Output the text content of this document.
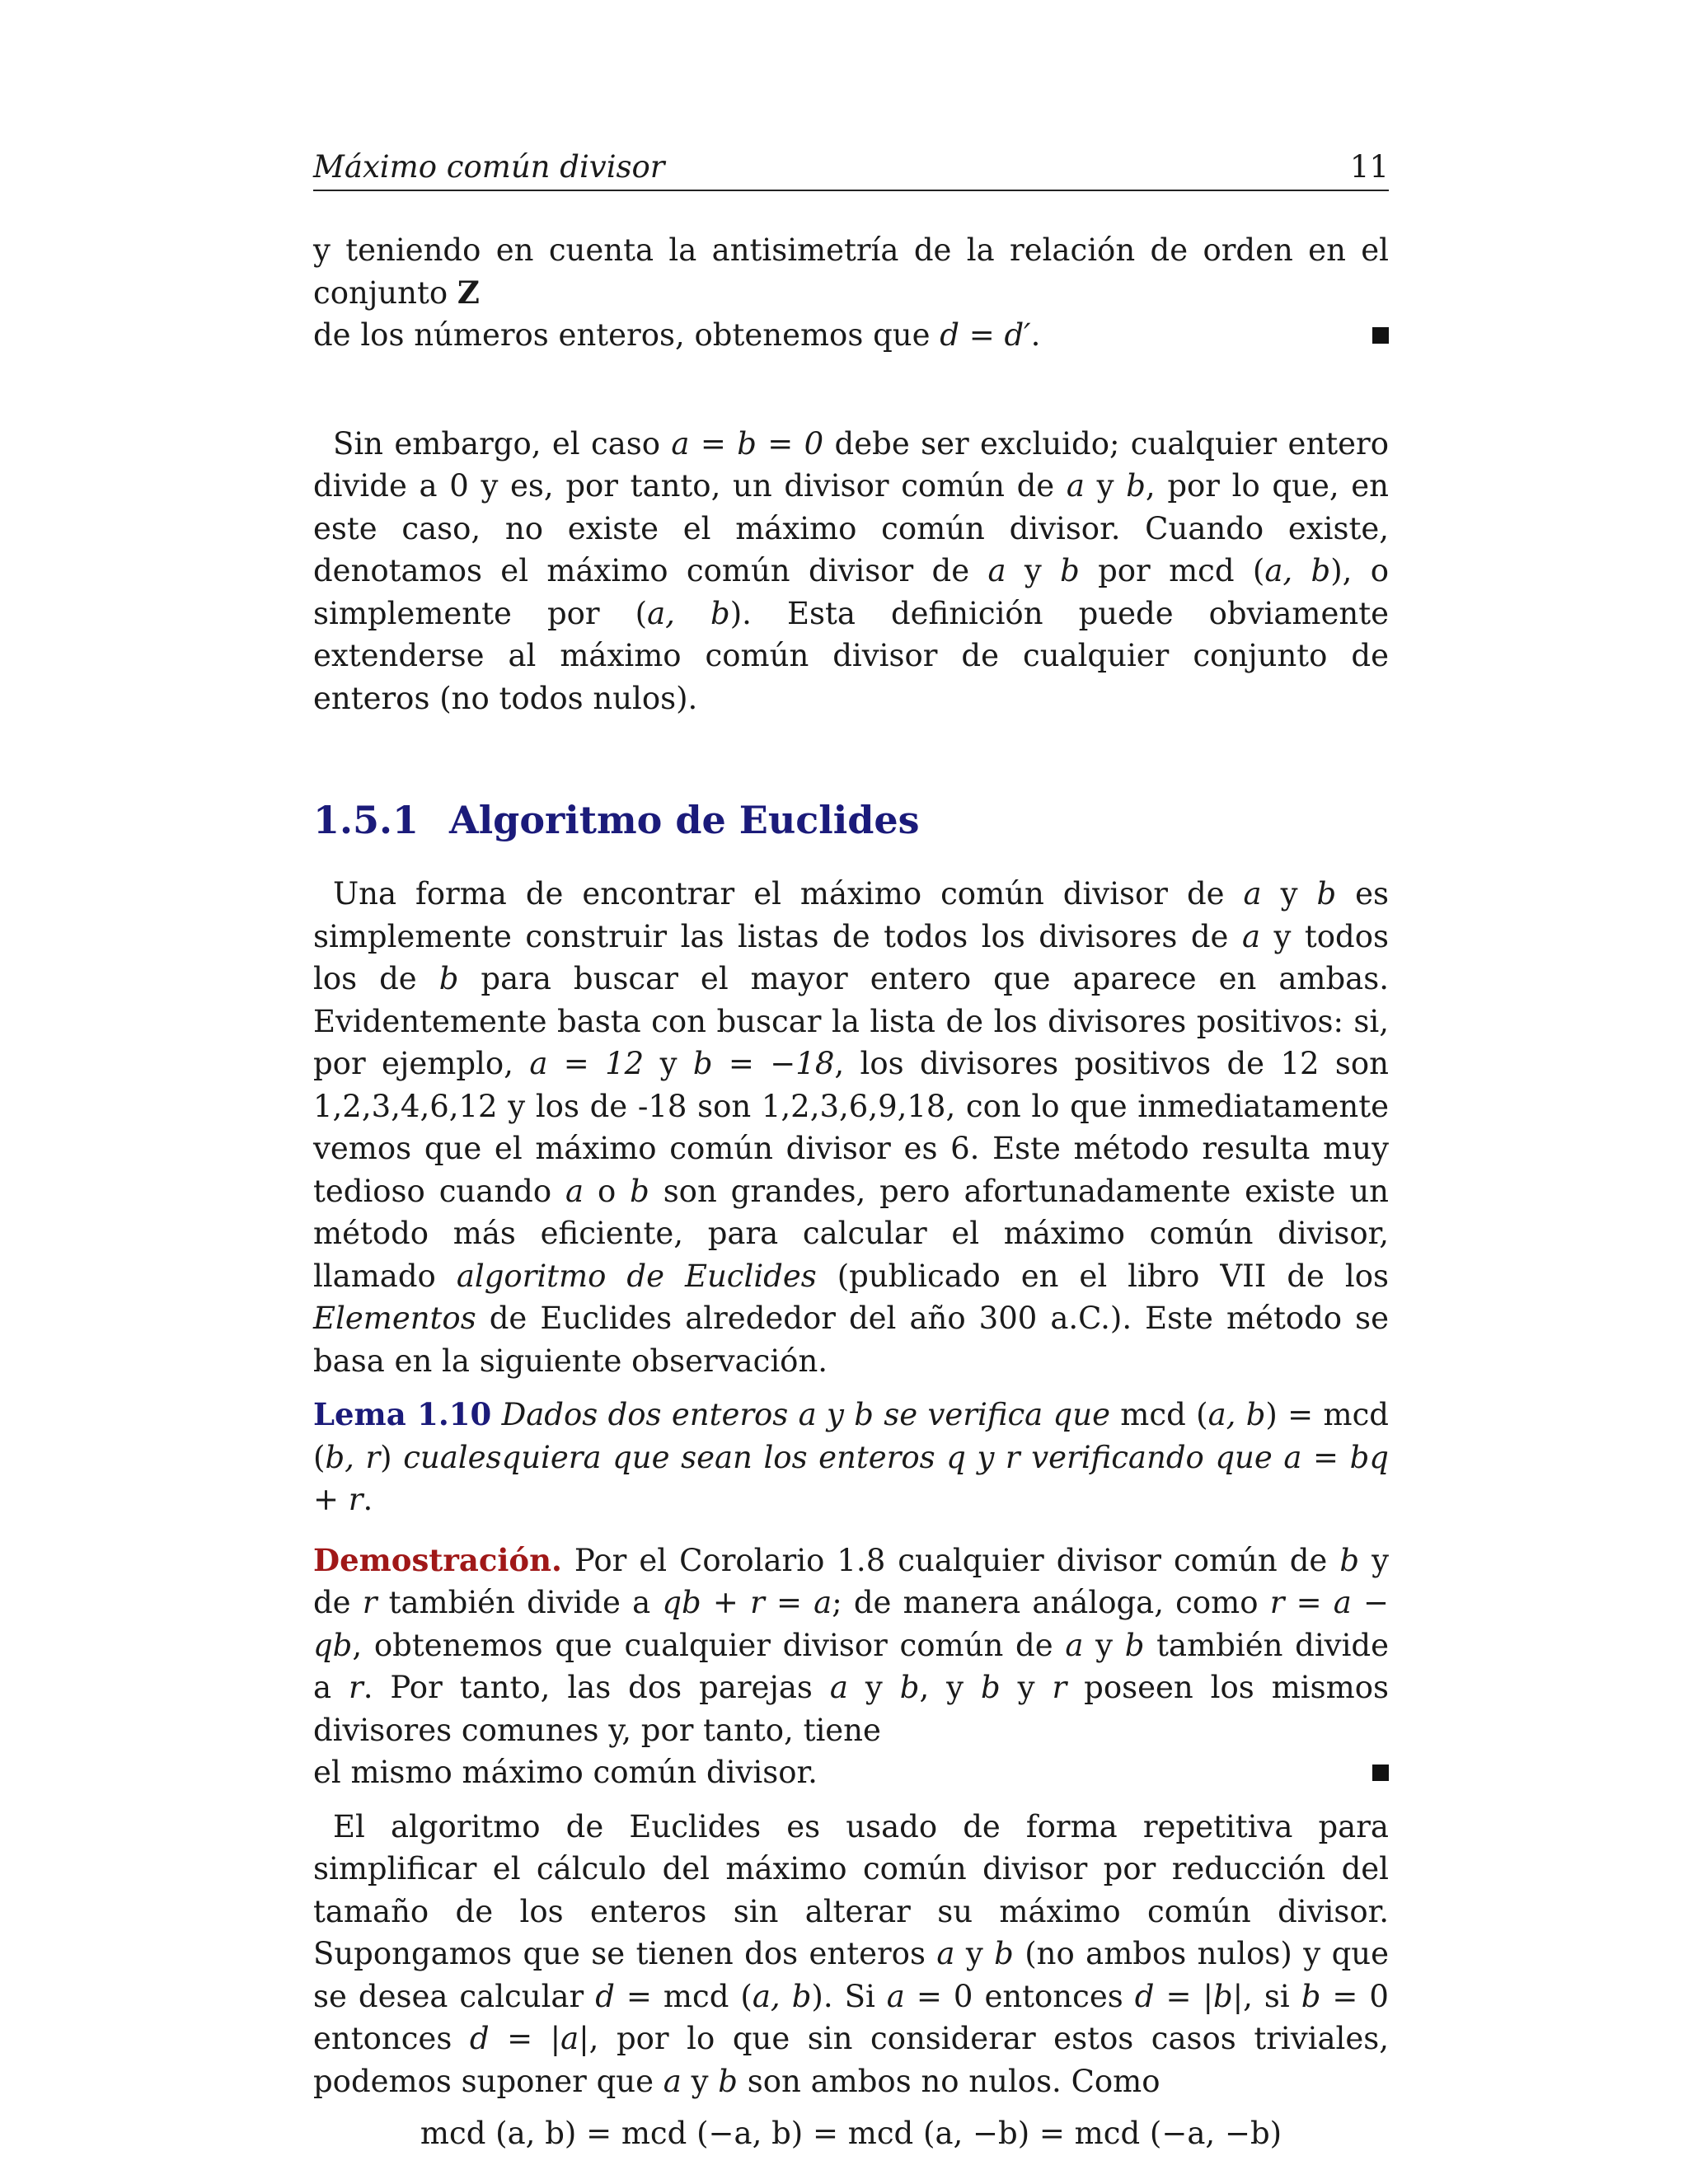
Máximo común divisor	11

y teniendo en cuenta la antisimetría de la relación de orden en el conjunto Z

de los números enteros, obtenemos que d = d′.

Sin embargo, el caso a = b = 0 debe ser excluido; cualquier entero divide a 0 y es, por tanto, un divisor común de a y b, por lo que, en este caso, no existe el máximo común divisor. Cuando existe, denotamos el máximo común divisor de a y b por mcd (a, b), o simplemente por (a, b). Esta definición puede obviamente extenderse al máximo común divisor de cualquier conjunto de enteros (no todos nulos).

1.5.1 Algoritmo de Euclides

Una forma de encontrar el máximo común divisor de a y b es simplemente construir las listas de todos los divisores de a y todos los de b para buscar el mayor entero que aparece en ambas. Evidentemente basta con buscar la lista de los divisores positivos: si, por ejemplo, a = 12 y b = −18, los divisores positivos de 12 son 1,2,3,4,6,12 y los de -18 son 1,2,3,6,9,18, con lo que inmediatamente vemos que el máximo común divisor es 6. Este método resulta muy tedioso cuando a o b son grandes, pero afortunadamente existe un método más eficiente, para calcular el máximo común divisor, llamado algoritmo de Euclides (publicado en el libro VII de los Elementos de Euclides alrededor del año 300 a.C.). Este método se basa en la siguiente observación.

Lema 1.10 Dados dos enteros a y b se verifica que mcd (a, b) = mcd (b, r) cualesquiera que sean los enteros q y r verificando que a = bq + r.

Demostración. Por el Corolario 1.8 cualquier divisor común de b y de r también divide a qb + r = a; de manera análoga, como r = a − qb, obtenemos que cualquier divisor común de a y b también divide a r. Por tanto, las dos parejas a y b, y b y r poseen los mismos divisores comunes y, por tanto, tiene

el mismo máximo común divisor.

El algoritmo de Euclides es usado de forma repetitiva para simplificar el cálculo del máximo común divisor por reducción del tamaño de los enteros sin alterar su máximo común divisor. Supongamos que se tienen dos enteros a y b (no ambos nulos) y que se desea calcular d = mcd (a, b). Si a = 0 entonces d = |b|, si b = 0 entonces d = |a|, por lo que sin considerar estos casos triviales, podemos suponer que a y b son ambos no nulos. Como

mcd (a, b) = mcd (−a, b) = mcd (a, −b) = mcd (−a, −b)
